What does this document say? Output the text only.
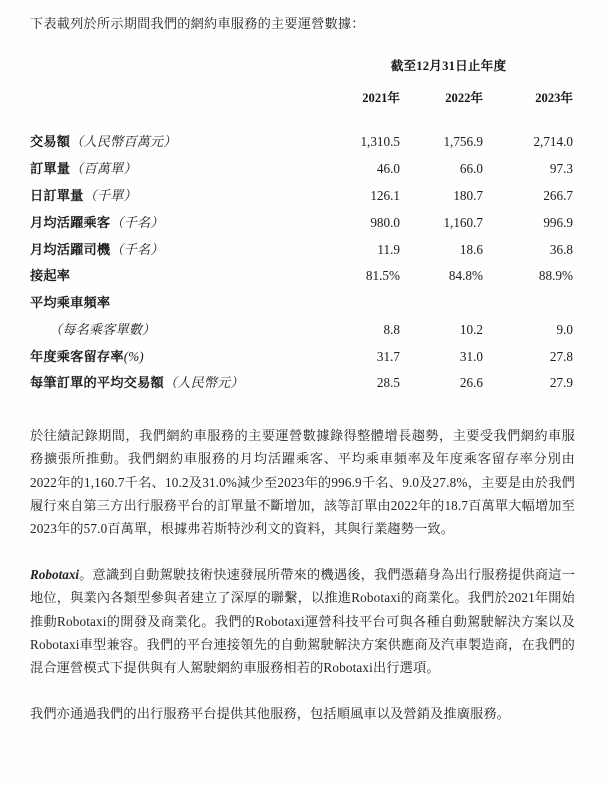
下表載列於所示期間我們的網約車服務的主要運營數據：
	截至12月31日止年度		
	2021年	2022年	2023年

交易額（人民幣百萬元）	1,310.5	1,756.9	2,714.0
訂單量（百萬單）	46.0	66.0	97.3
日訂單量（千單）	126.1	180.7	266.7
月均活躍乘客（千名）	980.0	1,160.7	996.9
月均活躍司機（千名）	11.9	18.6	36.8
接起率	81.5%	84.8%	88.9%
平均乘車頻率			
（每名乘客單數）	8.8	10.2	9.0
年度乘客留存率(%)	31.7	31.0	27.8
每筆訂單的平均交易額（人民幣元）	28.5	26.6	27.9

於往績記錄期間，我們網約車服務的主要運營數據錄得整體增長趨勢，主要受我們網約車服務擴張所推動。我們網約車服務的月均活躍乘客、平均乘車頻率及年度乘客留存率分別由2022年的1,160.7千名、10.2及31.0%減少至2023年的996.9千名、9.0及27.8%，主要是由於我們履行來自第三方出行服務平台的訂單量不斷增加，該等訂單由2022年的18.7百萬單大幅增加至2023年的57.0百萬單，根據弗若斯特沙利文的資料，其與行業趨勢一致。

Robotaxi。意識到自動駕駛技術快速發展所帶來的機遇後，我們憑藉身為出行服務提供商這一地位，與業內各類型參與者建立了深厚的聯繫，以推進Robotaxi的商業化。我們於2021年開始推動Robotaxi的開發及商業化。我們的Robotaxi運營科技平台可與各種自動駕駛解決方案以及Robotaxi車型兼容。我們的平台連接領先的自動駕駛解決方案供應商及汽車製造商，在我們的混合運營模式下提供與有人駕駛網約車服務相若的Robotaxi出行選項。

我們亦通過我們的出行服務平台提供其他服務，包括順風車以及營銷及推廣服務。
